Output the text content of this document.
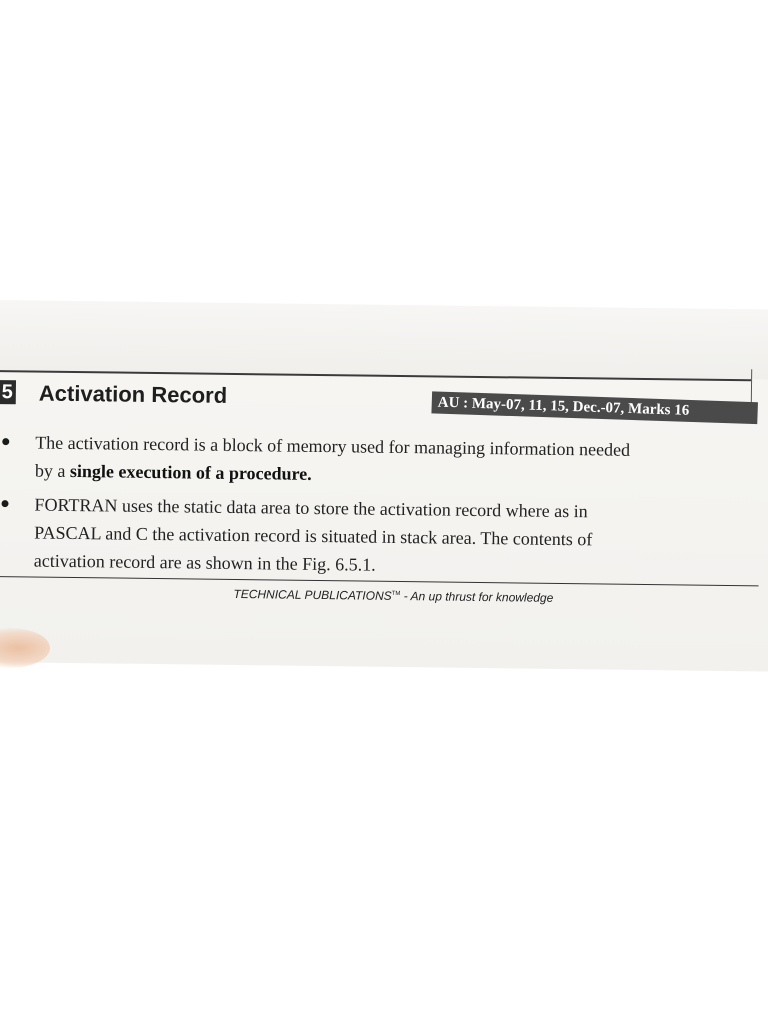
5 Activation Record	AU : May-07, 11, 15, Dec.-07, Marks 16
The activation record is a block of memory used for managing information needed
by a single execution of a procedure.
FORTRAN uses the static data area to store the activation record where as in
PASCAL and C the activation record is situated in stack area. The contents of
activation record are as shown in the Fig. 6.5.1.
TECHNICAL PUBLICATIONS™ - An up thrust for knowledge
